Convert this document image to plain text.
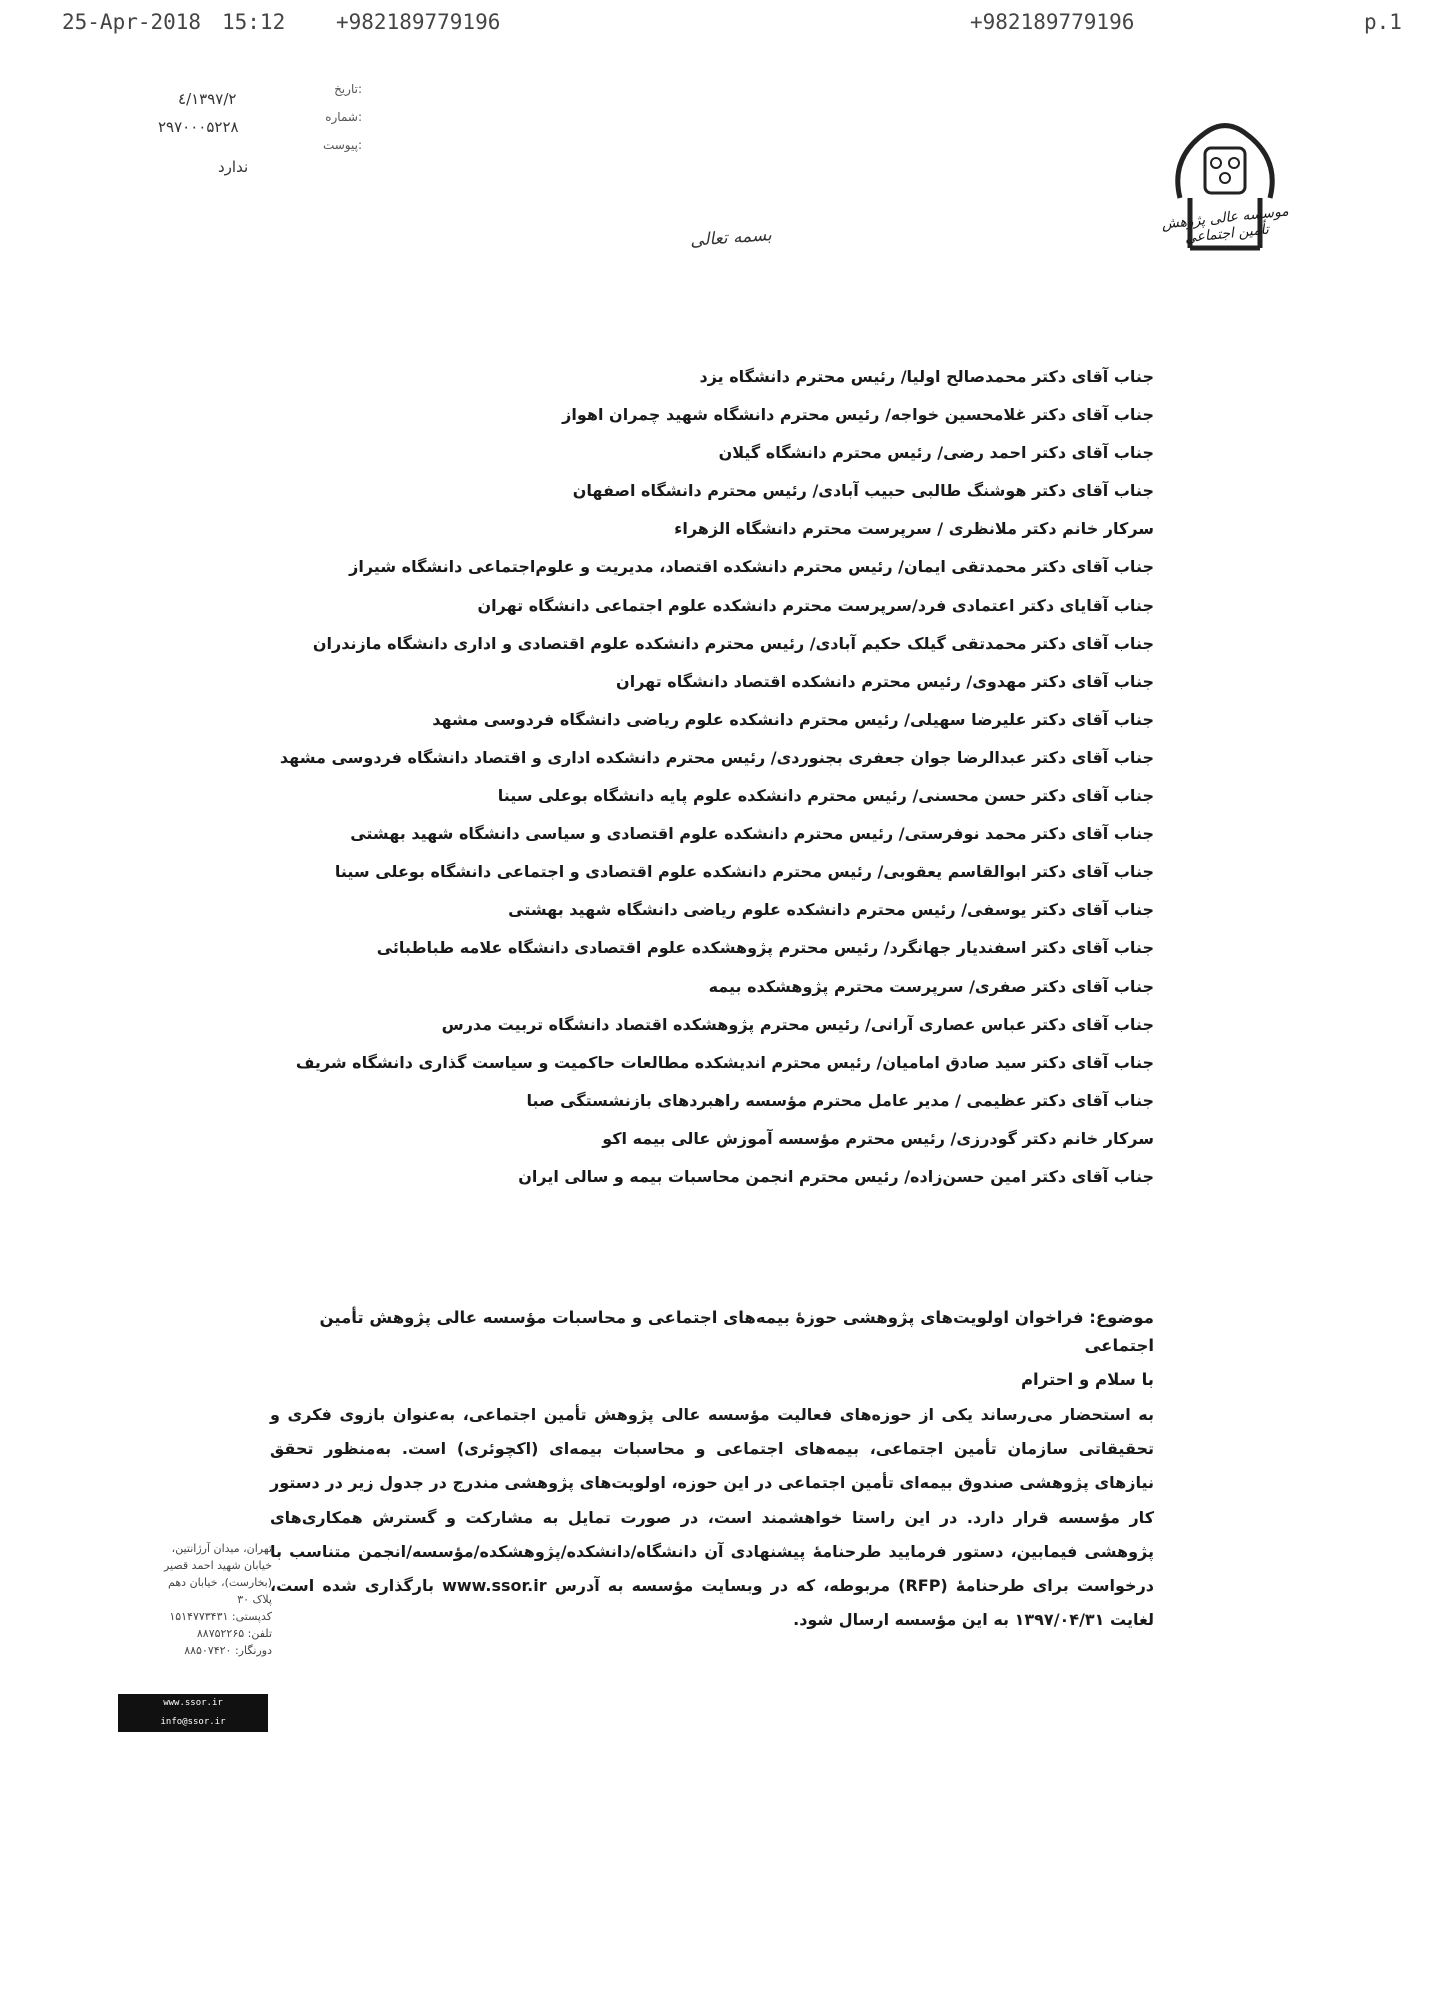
25-Apr-2018 15:12 +982189779196	+982189779196	p.1
تاریخ:
۱۳۹۷/۲/٤
شماره:
۲۹۷۰۰۰۵۲۲۸
پیوست:
ندارد
موسسه عالی پژوهش تأمین اجتماعی
بسمه تعالی
جناب آقای دکتر محمدصالح اولیا/ رئیس محترم دانشگاه یزد
جناب آقای دکتر غلامحسین خواجه/ رئیس محترم دانشگاه شهید چمران اهواز
جناب آقای دکتر احمد رضی/ رئیس محترم دانشگاه گیلان
جناب آقای دکتر هوشنگ طالبی حبیب آبادی/ رئیس محترم دانشگاه اصفهان
سرکار خانم دکتر ملانظری / سرپرست محترم دانشگاه الزهراء
جناب آقای دکتر محمدتقی ایمان/ رئیس محترم دانشکده اقتصاد، مدیریت و علوم‌اجتماعی دانشگاه شیراز
جناب آقایای دکتر اعتمادی فرد/سرپرست محترم دانشکده علوم اجتماعی دانشگاه تهران
جناب آقای دکتر محمدتقی گیلک حکیم آبادی/ رئیس محترم دانشکده علوم اقتصادی و اداری دانشگاه مازندران
جناب آقای دکتر مهدوی/ رئیس محترم دانشکده اقتصاد دانشگاه تهران
جناب آقای دکتر علیرضا سهیلی/ رئیس محترم دانشکده علوم ریاضی دانشگاه فردوسی مشهد
جناب آقای دکتر عبدالرضا جوان جعفری بجنوردی/ رئیس محترم دانشکده اداری و اقتصاد دانشگاه فردوسی مشهد
جناب آقای دکتر حسن محسنی/ رئیس محترم دانشکده علوم پایه دانشگاه بوعلی سینا
جناب آقای دکتر محمد نوفرستی/ رئیس محترم دانشکده علوم اقتصادی و سیاسی دانشگاه شهید بهشتی
جناب آقای دکتر ابوالقاسم یعقوبی/ رئیس محترم دانشکده علوم اقتصادی و اجتماعی دانشگاه بوعلی سینا
جناب آقای دکتر یوسفی/ رئیس محترم دانشکده علوم ریاضی دانشگاه شهید بهشتی
جناب آقای دکتر اسفندیار جهانگرد/ رئیس محترم پژوهشکده علوم اقتصادی دانشگاه علامه طباطبائی
جناب آقای دکتر صفری/ سرپرست محترم پژوهشکده بیمه
جناب آقای دکتر عباس عصاری آرانی/ رئیس محترم پژوهشکده اقتصاد دانشگاه تربیت مدرس
جناب آقای دکتر سید صادق امامیان/ رئیس محترم اندیشکده مطالعات حاکمیت و سیاست گذاری دانشگاه شریف
جناب آقای دکتر عظیمی / مدیر عامل محترم مؤسسه راهبردهای بازنشستگی صبا
سرکار خانم دکتر گودرزی/ رئیس محترم مؤسسه آموزش عالی بیمه اکو
جناب آقای دکتر امین حسن‌زاده/ رئیس محترم انجمن محاسبات بیمه و سالی ایران
موضوع: فراخوان اولویت‌های پژوهشی حوزهٔ بیمه‌های اجتماعی و محاسبات مؤسسه عالی پژوهش تأمین اجتماعی
با سلام و احترام
به استحضار می‌رساند یکی از حوزه‌های فعالیت مؤسسه عالی پژوهش تأمین اجتماعی، به‌عنوان بازوی فکری و تحقیقاتی سازمان تأمین اجتماعی، بیمه‌های اجتماعی و محاسبات بیمه‌ای (اکچوئری) است. به‌منظور تحقق نیازهای پژوهشی صندوق بیمه‌ای تأمین اجتماعی در این حوزه، اولویت‌های پژوهشی مندرج در جدول زیر در دستور کار مؤسسه قرار دارد. در این راستا خواهشمند است، در صورت تمایل به مشارکت و گسترش همکاری‌های پژوهشی فیمابین، دستور فرمایید طرحنامهٔ پیشنهادی آن دانشگاه/دانشکده/پژوهشکده/مؤسسه/انجمن متناسب با درخواست برای طرحنامهٔ (RFP) مربوطه، که در وبسایت مؤسسه به آدرس www.ssor.ir بارگذاری شده است، لغایت ۱۳۹۷/۰۴/۳۱ به این مؤسسه ارسال شود.
تهران، میدان آرژانتین،
خیابان شهید احمد قصیر
(بخارست)، خیابان دهم
پلاک ۳۰
کدپستی: ۱۵۱۴۷۷۳۴۳۱
تلفن: ۸۸۷۵۲۲۶۵
دورنگار: ۸۸۵۰۷۴۲۰
www.ssor.ir
info@ssor.ir
